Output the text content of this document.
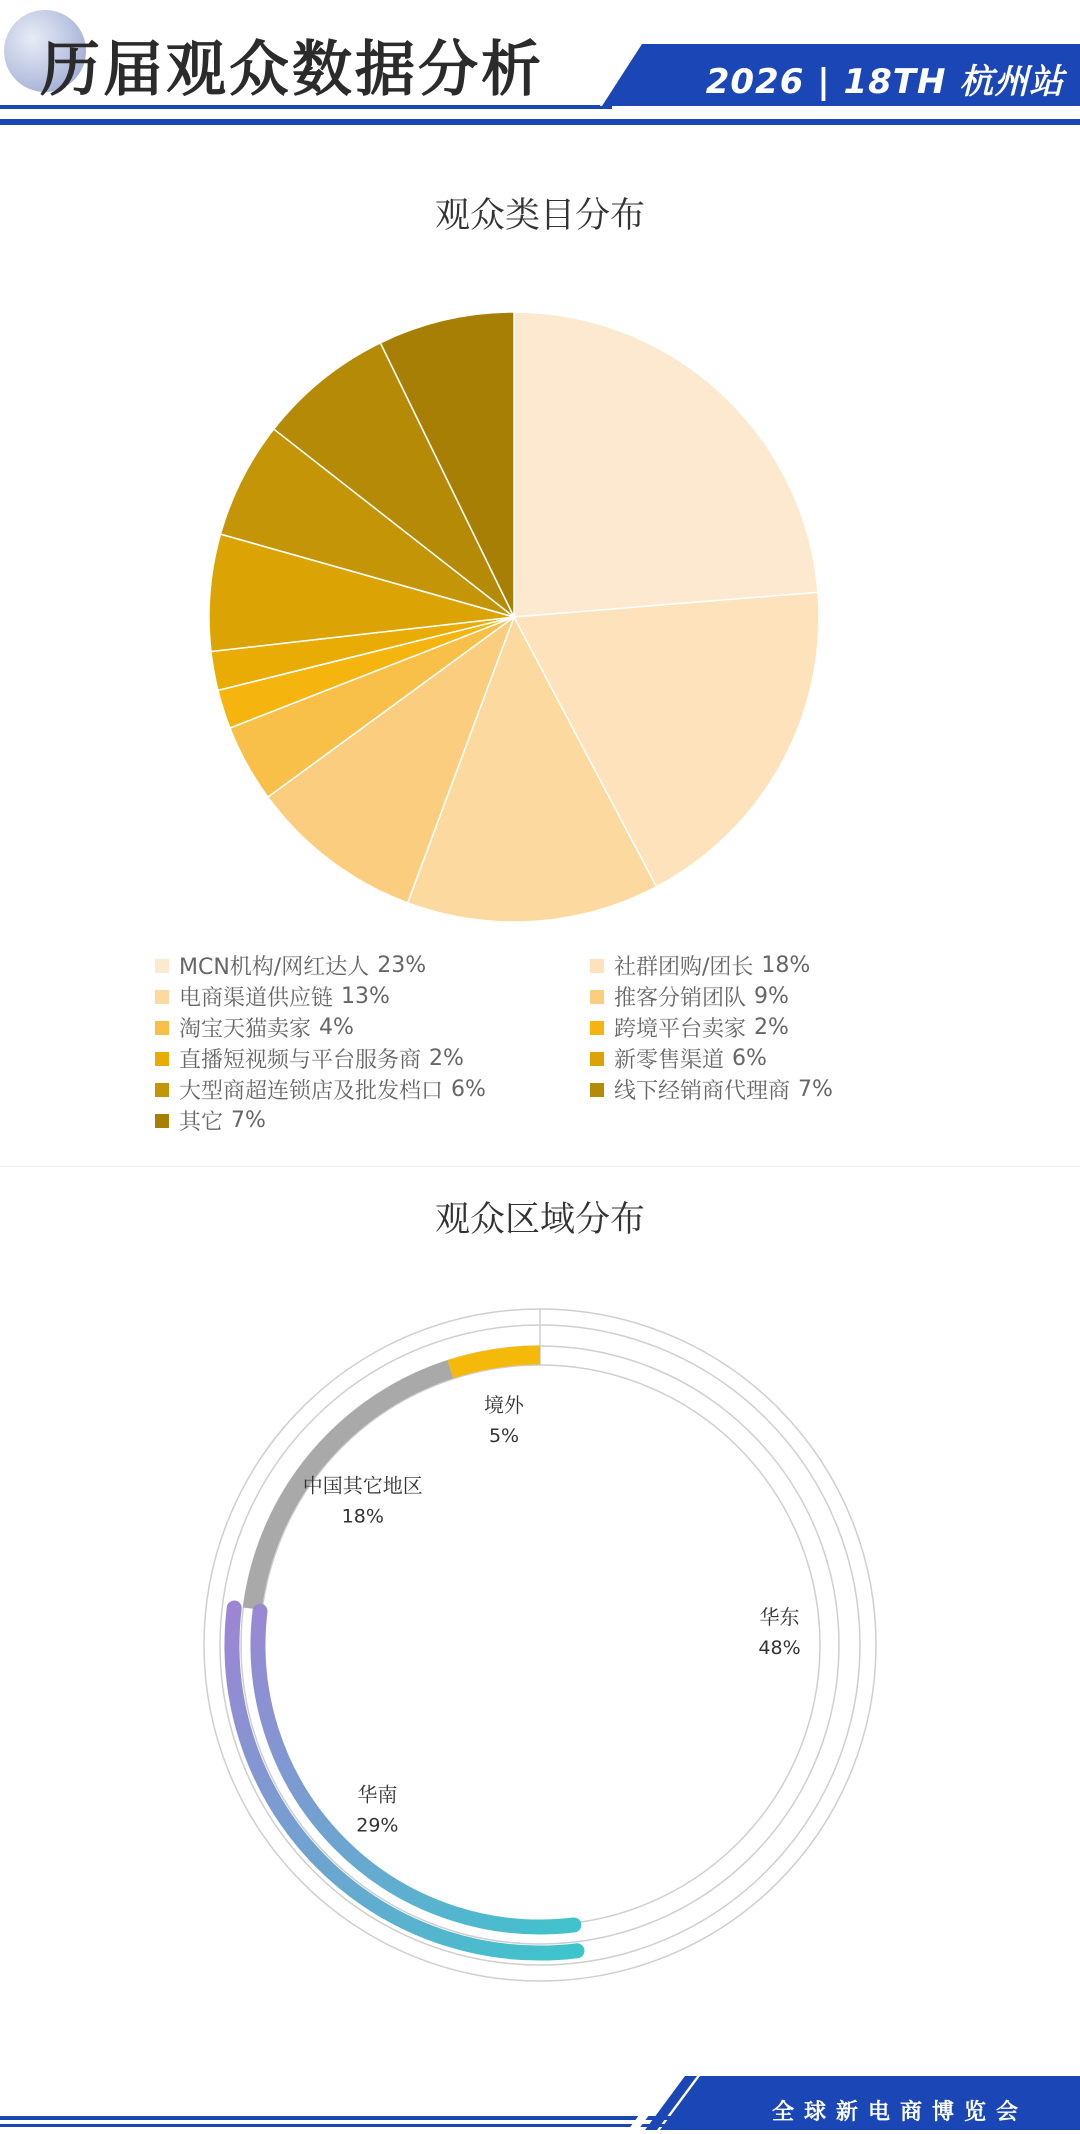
历届观众数据分析	2026 | 18TH 杭州站
观众类目分布
MCN机构/网红达人 23%	社群团购/团长 18%
电商渠道供应链 13%	推客分销团队 9%
淘宝天猫卖家 4%	跨境平台卖家 2%
直播短视频与平台服务商 2%	新零售渠道 6%
大型商超连锁店及批发档口 6%	线下经销商代理商 7%
其它 7%
观众区域分布
境外
5%
中国其它地区
18%
华南
29%
华东
48%
全球新电商博览会
